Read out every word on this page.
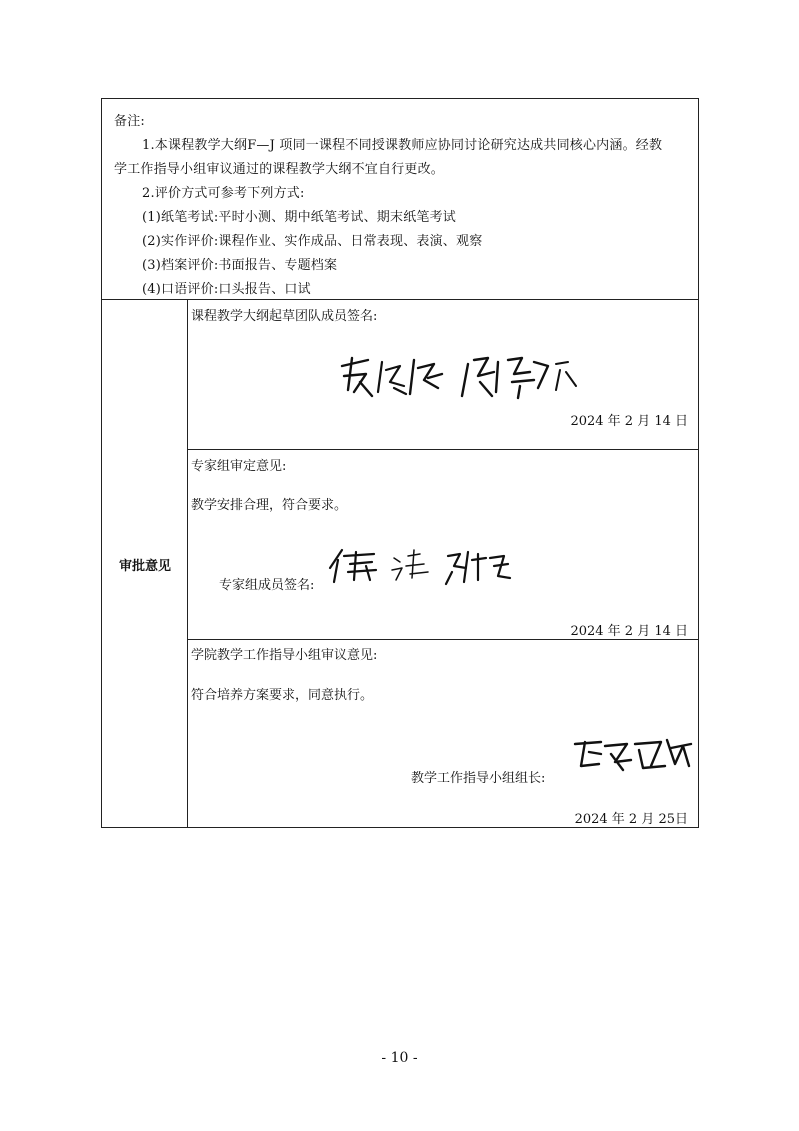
备注:
1.本课程教学大纲F—J 项同一课程不同授课教师应协同讨论研究达成共同核心内涵。经教
学工作指导小组审议通过的课程教学大纲不宜自行更改。
2.评价方式可参考下列方式:
(1)纸笔考试:平时小测、期中纸笔考试、期末纸笔考试
(2)实作评价:课程作业、实作成品、日常表现、表演、观察
(3)档案评价:书面报告、专题档案
(4)口语评价:口头报告、口试
审批意见
课程教学大纲起草团队成员签名:
2024 年 2 月 14 日
专家组审定意见:
教学安排合理，符合要求。
专家组成员签名:
2024 年 2 月 14 日
学院教学工作指导小组审议意见:
符合培养方案要求，同意执行。
教学工作指导小组组长:
2024 年 2 月 25日
- 10 -
